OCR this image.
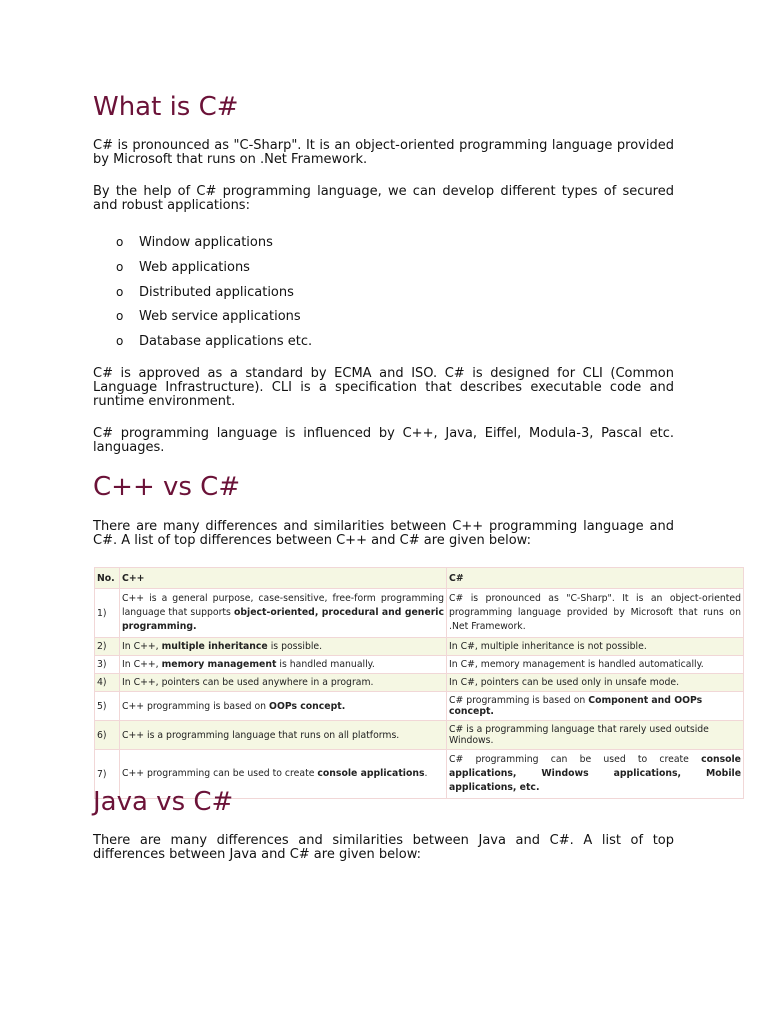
What is C#

C# is pronounced as "C-Sharp". It is an object-oriented programming language provided by Microsoft that runs on .Net Framework.

By the help of C# programming language, we can develop different types of secured and robust applications:

o	Window applications
o	Web applications
o	Distributed applications
o	Web service applications
o	Database applications etc.

C# is approved as a standard by ECMA and ISO. C# is designed for CLI (Common Language Infrastructure). CLI is a specification that describes executable code and runtime environment.

C# programming language is influenced by C++, Java, Eiffel, Modula-3, Pascal etc. languages.

C++ vs C#

There are many differences and similarities between C++ programming language and C#. A list of top differences between C++ and C# are given below:

No.	C++	C#
1)	C++ is a general purpose, case-sensitive, free-form programming language that supports object-oriented, procedural and generic programming.	C# is pronounced as "C-Sharp". It is an object-oriented programming language provided by Microsoft that runs on .Net Framework.
2)	In C++, multiple inheritance is possible.	In C#, multiple inheritance is not possible.
3)	In C++, memory management is handled manually.	In C#, memory management is handled automatically.
4)	In C++, pointers can be used anywhere in a program.	In C#, pointers can be used only in unsafe mode.
5)	C++ programming is based on OOPs concept.	C# programming is based on Component and OOPs concept.
6)	C++ is a programming language that runs on all platforms.	C# is a programming language that rarely used outside Windows.
7)	C++ programming can be used to create console applications.	C# programming can be used to create console applications, Windows applications, Mobile applications, etc.
Java vs C#

There are many differences and similarities between Java and C#. A list of top differences between Java and C# are given below:
